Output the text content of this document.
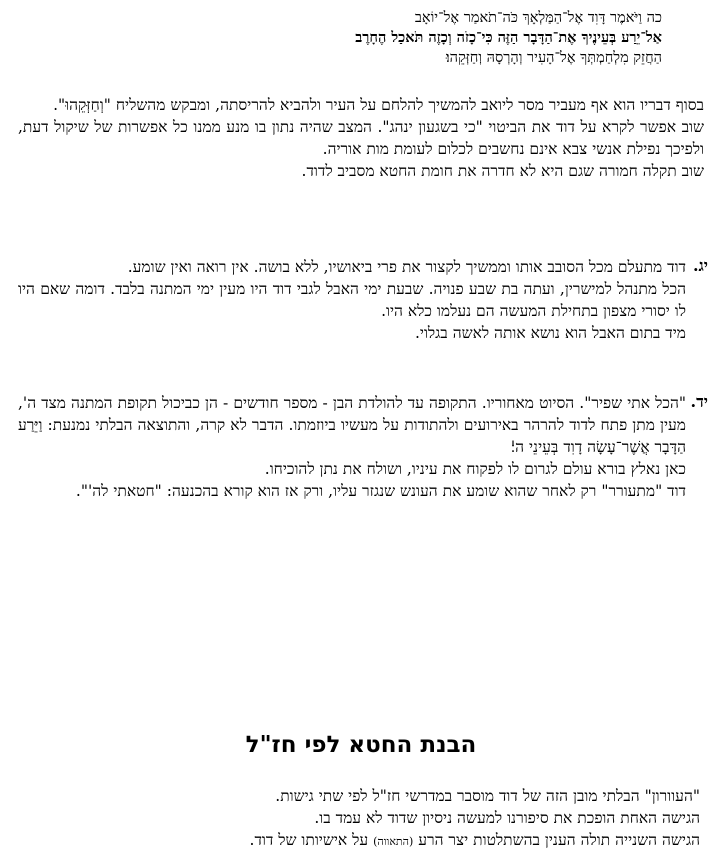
כה וַיֹּאמֶר דָּוִד אֶל־הַמַּלְאָךְ כֹּה־תֹאמַר אֶל־יוֹאָב
אַל־יֵרַע בְּעֵינֶיךָ אֶת־הַדָּבָר הַזֶּה כִּי־כָזֹה וְכָזֶה תֹּאכַל הֶחָרֶב
הַחֲזֵק מִלְחַמְתְּךָ אֶל־הָעִיר וְהָרְסָהּ וְחַזְּקֵהוּ׃

בסוף דבריו הוא אף מעביר מסר ליואב להמשיך להלחם על העיר ולהביא להריסתה, ומבקש מהשליח "וְחַזְּקֵהוּ".

שוב אפשר לקרא על דוד את הביטוי "כי בשגעון ינהג". המצב שהיה נתון בו מנע ממנו כל אפשרות של שיקול דעת, ולפיכך נפילת אנשי צבא אינם נחשבים לכלום לעומת מות אוריה.

שוב תקלה חמורה שגם היא לא חדרה את חומת החטא מסביב לדוד.

יג.

דוד מתעלם מכל הסובב אותו וממשיך לקצור את פרי ביאושיו, ללא בושה. אין רואה ואין שומע.

הכל מתנהל למישרין, ועתה בת שבע פנויה. שבעת ימי האבל לגבי דוד היו מעין ימי המתנה בלבד. דומה שאם היו לו יסורי מצפון בתחילת המעשה הם נעלמו כלא היו.

מיד בתום האבל הוא נושא אותה לאשה בגלוי.

יד.

"הכל אתי שפיר". הסיוט מאחוריו. התקופה עד להולדת הבן - מספר חודשים - הן כביכול תקופת המתנה מצד ה', מעין מתן פתח לדוד להרהר באירועים ולהתודות על מעשיו ביוזמתו. הדבר לא קרה, והתוצאה הבלתי נמנעת: וַיֵּרַע הַדָּבָר אֲשֶׁר־עָשָׂה דָוִד בְּעֵינֵי ה'׃

כאן נאלץ בורא עולם לגרום לו לפקוח את עיניו, ושולח את נתן להוכיחו.

דוד "מתעורר" רק לאחר שהוא שומע את העונש שנגזר עליו, ורק אז הוא קורא בהכנעה: "חטאתי לה'".

הבנת החטא לפי חז"ל

"העוורון" הבלתי מובן הזה של דוד מוסבר במדרשי חז"ל לפי שתי גישות.

הגישה האחת הופכת את סיפורנו למעשה ניסיון שדוד לא עמד בו.

הגישה השנייה תולה הענין בהשתלטות יצר הרע (התאווה) על אישיותו של דוד.
